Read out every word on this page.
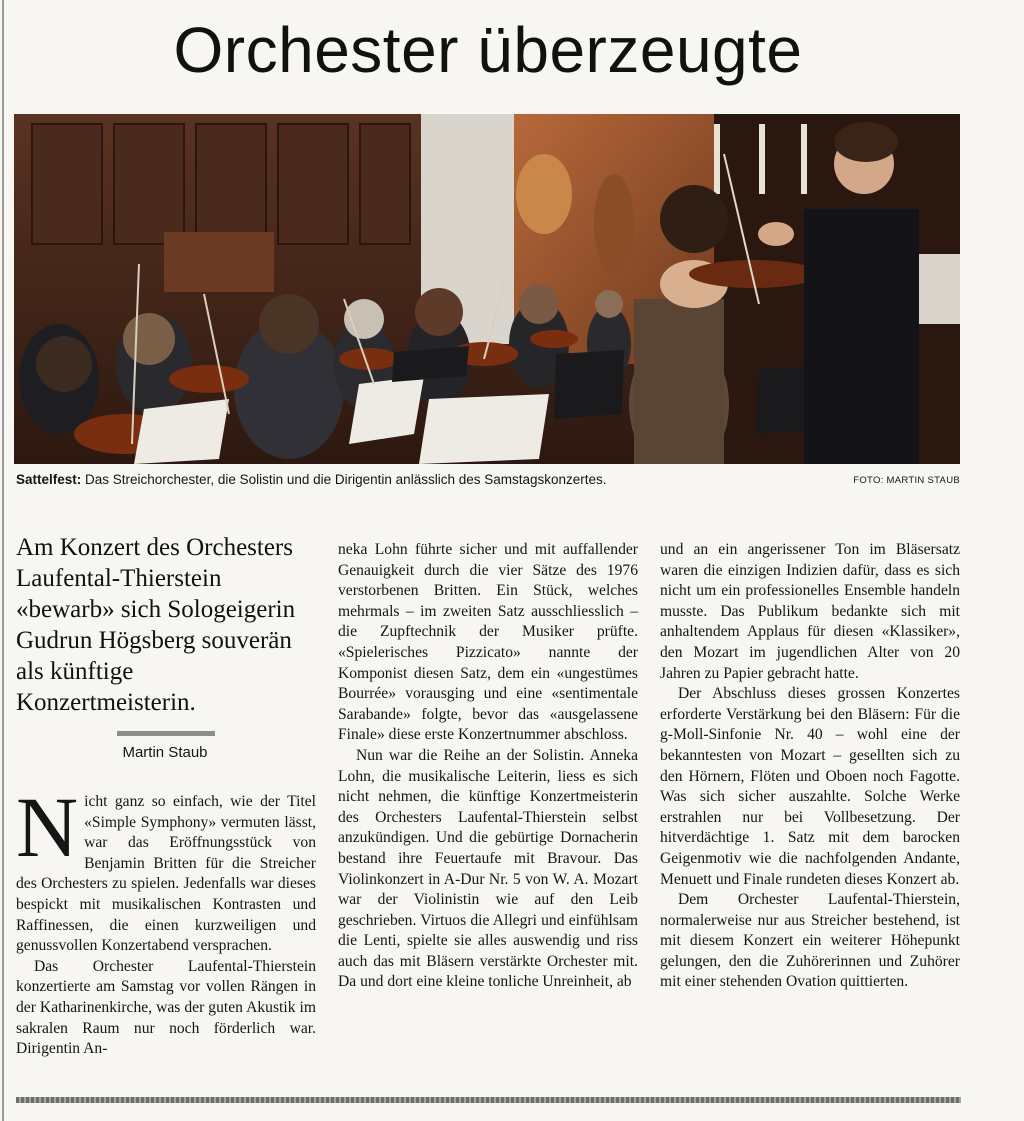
Orchester überzeugte
Sattelfest: Das Streichorchester, die Solistin und die Dirigentin anlässlich des Samstagskonzertes.	FOTO: MARTIN STAUB
Am Konzert des Orchesters Laufental-Thierstein «bewarb» sich Sologeigerin Gudrun Högsberg souverän als künftige Konzertmeisterin.
Martin Staub

Nicht ganz so einfach, wie der Titel «Simple Symphony» vermuten lässt, war das Eröffnungsstück von Benjamin Britten für die Streicher des Orchesters zu spielen. Jedenfalls war dieses bespickt mit musikalischen Kontrasten und Raffinessen, die einen kurzweiligen und genussvollen Konzertabend versprachen.

Das Orchester Laufental-Thierstein konzertierte am Samstag vor vollen Rängen in der Katharinenkirche, was der guten Akustik im sakralen Raum nur noch förderlich war. Dirigentin An-

neka Lohn führte sicher und mit auffallender Genauigkeit durch die vier Sätze des 1976 verstorbenen Britten. Ein Stück, welches mehrmals – im zweiten Satz ausschliesslich – die Zupftechnik der Musiker prüfte. «Spielerisches Pizzicato» nannte der Komponist diesen Satz, dem ein «ungestümes Bourrée» vorausging und eine «sentimentale Sarabande» folgte, bevor das «ausgelassene Finale» diese erste Konzertnummer abschloss.

Nun war die Reihe an der Solistin. Anneka Lohn, die musikalische Leiterin, liess es sich nicht nehmen, die künftige Konzertmeisterin des Orchesters Laufental-Thierstein selbst anzukündigen. Und die gebürtige Dornacherin bestand ihre Feuertaufe mit Bravour. Das Violinkonzert in A-Dur Nr. 5 von W. A. Mozart war der Violinistin wie auf den Leib geschrieben. Virtuos die Allegri und einfühlsam die Lenti, spielte sie alles auswendig und riss auch das mit Bläsern verstärkte Orchester mit. Da und dort eine kleine tonliche Unreinheit, ab

und an ein angerissener Ton im Bläsersatz waren die einzigen Indizien dafür, dass es sich nicht um ein professionelles Ensemble handeln musste. Das Publikum bedankte sich mit anhaltendem Applaus für diesen «Klassiker», den Mozart im jugendlichen Alter von 20 Jahren zu Papier gebracht hatte.

Der Abschluss dieses grossen Konzertes erforderte Verstärkung bei den Bläsern: Für die g-Moll-Sinfonie Nr. 40 – wohl eine der bekanntesten von Mozart – gesellten sich zu den Hörnern, Flöten und Oboen noch Fagotte. Was sich sicher auszahlte. Solche Werke erstrahlen nur bei Vollbesetzung. Der hitverdächtige 1. Satz mit dem barocken Geigenmotiv wie die nachfolgenden Andante, Menuett und Finale rundeten dieses Konzert ab.

Dem Orchester Laufental-Thierstein, normalerweise nur aus Streicher bestehend, ist mit diesem Konzert ein weiterer Höhepunkt gelungen, den die Zuhörerinnen und Zuhörer mit einer stehenden Ovation quittierten.
